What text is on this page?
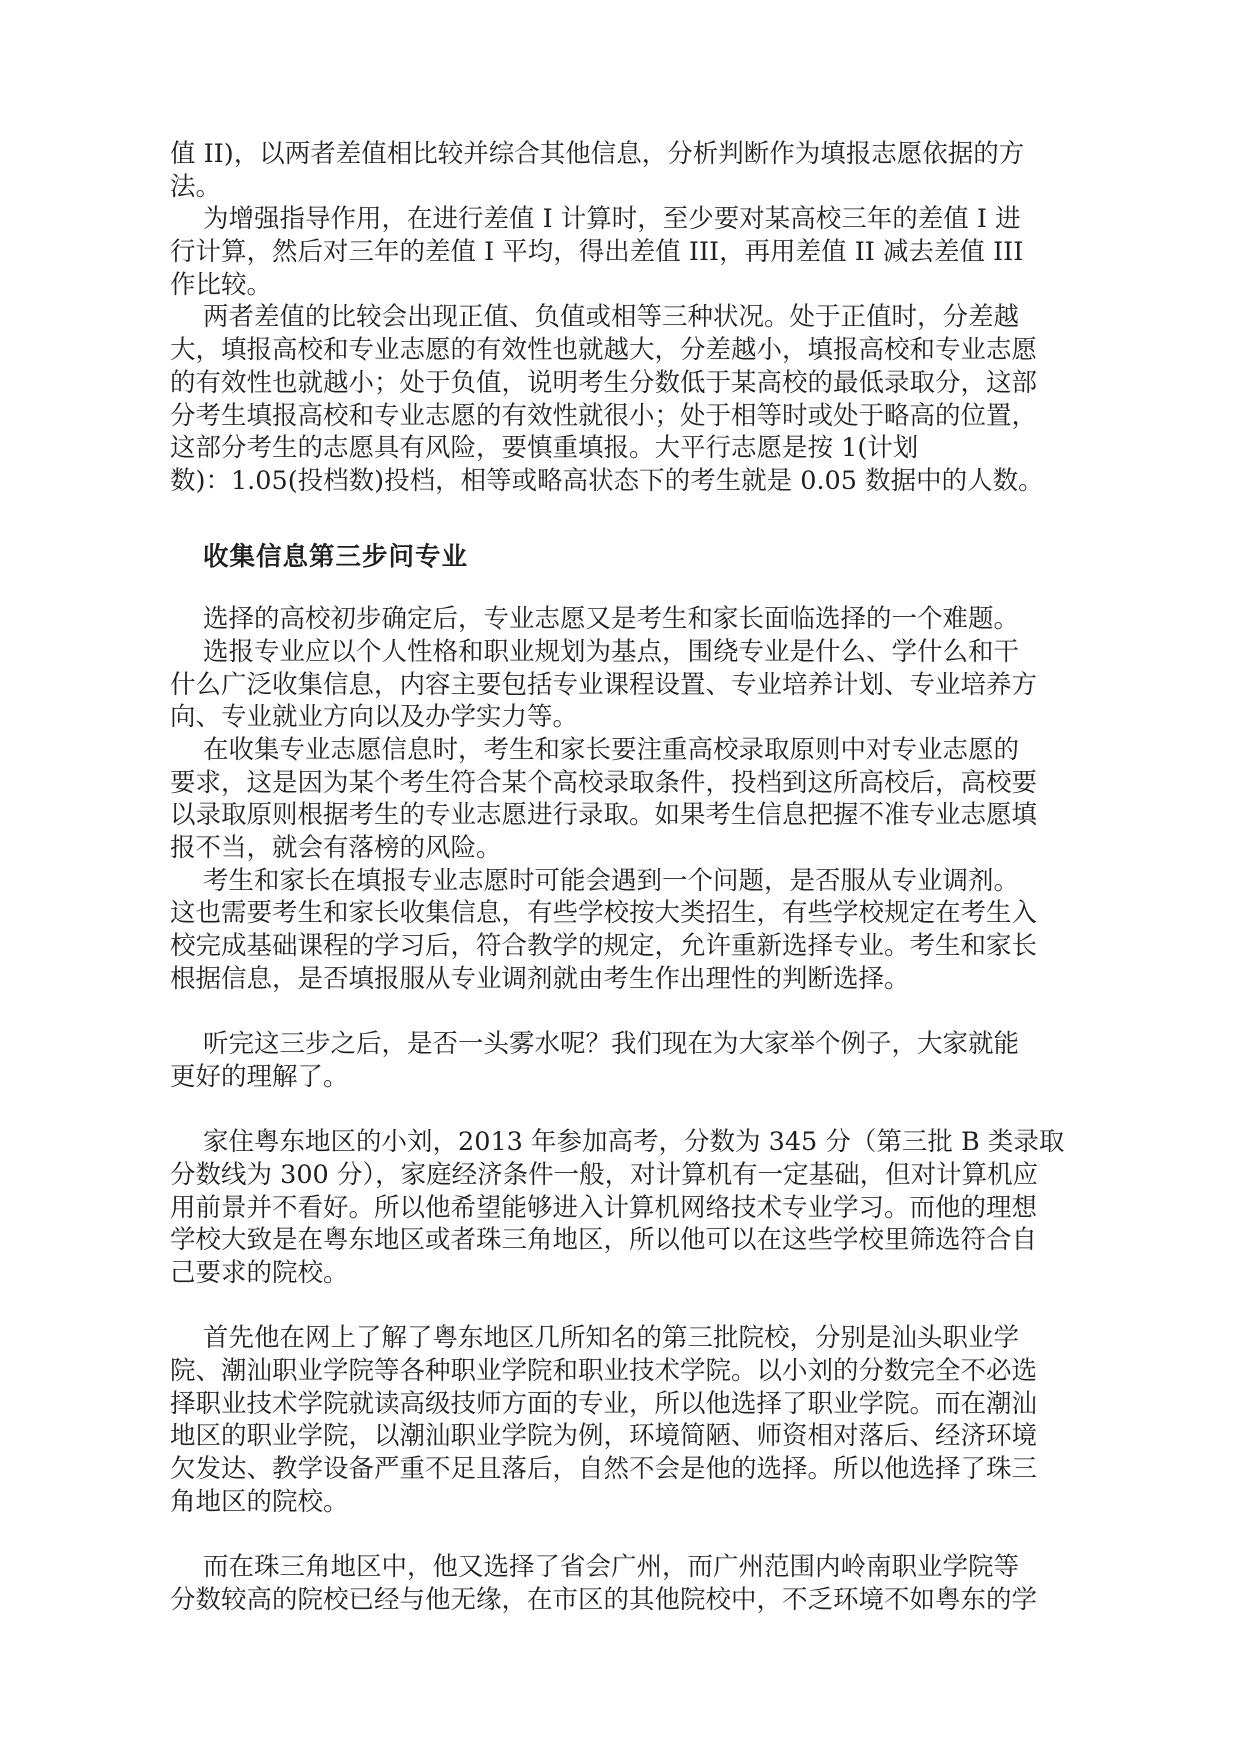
值 II)，以两者差值相比较并综合其他信息，分析判断作为填报志愿依据的方
法。
为增强指导作用，在进行差值 I 计算时，至少要对某高校三年的差值 I 进
行计算，然后对三年的差值 I 平均，得出差值 III，再用差值 II 减去差值 III
作比较。
两者差值的比较会出现正值、负值或相等三种状况。处于正值时，分差越
大，填报高校和专业志愿的有效性也就越大，分差越小，填报高校和专业志愿
的有效性也就越小；处于负值，说明考生分数低于某高校的最低录取分，这部
分考生填报高校和专业志愿的有效性就很小；处于相等时或处于略高的位置，
这部分考生的志愿具有风险，要慎重填报。大平行志愿是按 1(计划
数)：1.05(投档数)投档，相等或略高状态下的考生就是 0.05 数据中的人数。
收集信息第三步问专业
选择的高校初步确定后，专业志愿又是考生和家长面临选择的一个难题。
选报专业应以个人性格和职业规划为基点，围绕专业是什么、学什么和干
什么广泛收集信息，内容主要包括专业课程设置、专业培养计划、专业培养方
向、专业就业方向以及办学实力等。
在收集专业志愿信息时，考生和家长要注重高校录取原则中对专业志愿的
要求，这是因为某个考生符合某个高校录取条件，投档到这所高校后，高校要
以录取原则根据考生的专业志愿进行录取。如果考生信息把握不准专业志愿填
报不当，就会有落榜的风险。
考生和家长在填报专业志愿时可能会遇到一个问题，是否服从专业调剂。
这也需要考生和家长收集信息，有些学校按大类招生，有些学校规定在考生入
校完成基础课程的学习后，符合教学的规定，允许重新选择专业。考生和家长
根据信息，是否填报服从专业调剂就由考生作出理性的判断选择。
听完这三步之后，是否一头雾水呢？我们现在为大家举个例子，大家就能
更好的理解了。
家住粤东地区的小刘，2013 年参加高考，分数为 345 分（第三批 B 类录取
分数线为 300 分），家庭经济条件一般，对计算机有一定基础，但对计算机应
用前景并不看好。所以他希望能够进入计算机网络技术专业学习。而他的理想
学校大致是在粤东地区或者珠三角地区，所以他可以在这些学校里筛选符合自
己要求的院校。
首先他在网上了解了粤东地区几所知名的第三批院校，分别是汕头职业学
院、潮汕职业学院等各种职业学院和职业技术学院。以小刘的分数完全不必选
择职业技术学院就读高级技师方面的专业，所以他选择了职业学院。而在潮汕
地区的职业学院，以潮汕职业学院为例，环境简陋、师资相对落后、经济环境
欠发达、教学设备严重不足且落后，自然不会是他的选择。所以他选择了珠三
角地区的院校。
而在珠三角地区中，他又选择了省会广州，而广州范围内岭南职业学院等
分数较高的院校已经与他无缘，在市区的其他院校中，不乏环境不如粤东的学
